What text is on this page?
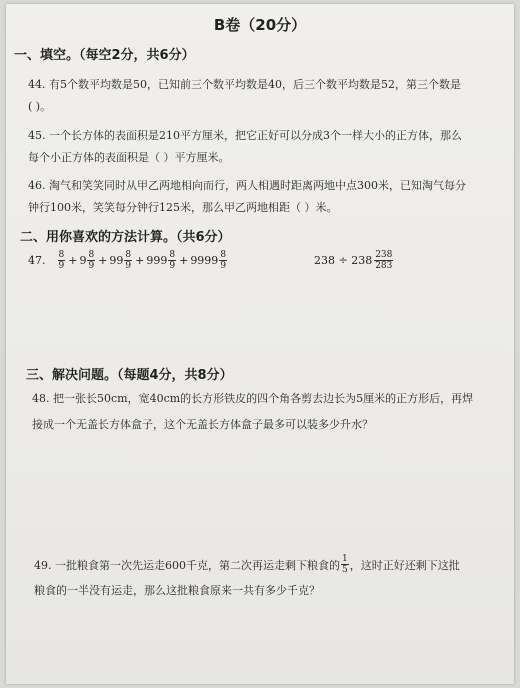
B卷（20分）
一、填空。（每空2分，共6分）
44. 有5个数平均数是50，已知前三个数平均数是40，后三个数平均数是52，第三个数是
( )。
45. 一个长方体的表面积是210平方厘米，把它正好可以分成3个一样大小的正方体，那么
每个小正方体的表面积是（ ）平方厘米。
46. 淘气和笑笑同时从甲乙两地相向而行，两人相遇时距离两地中点300米，已知淘气每分
钟行100米，笑笑每分钟行125米，那么甲乙两地相距（ ）米。
二、用你喜欢的方法计算。（共6分）
47. $\frac{8}{9} + 9 \frac{8}{9} + 99 \frac{8}{9} + 999 \frac{8}{9} + 9999 \frac{8}{9}$	$238 \div 238 \frac{238}{283}$
三、解决问题。（每题4分，共8分）
48. 把一张长50cm，宽40cm的长方形铁皮的四个角各剪去边长为5厘米的正方形后，再焊
接成一个无盖长方体盒子，这个无盖长方体盒子最多可以装多少升水？
49. 一批粮食第一次先运走600千克，第二次再运走剩下粮食的 $\frac{1}{5}$ ，这时正好还剩下这批
粮食的一半没有运走，那么这批粮食原来一共有多少千克？
